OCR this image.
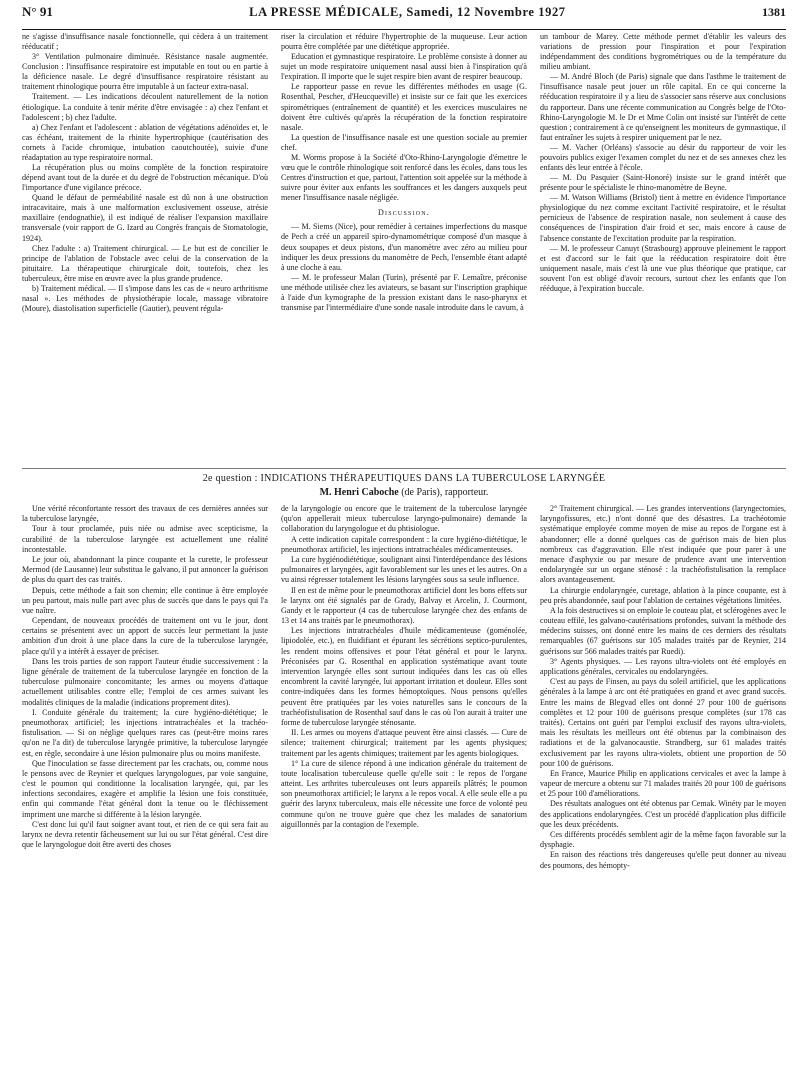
N° 91	LA PRESSE MÉDICALE, Samedi, 12 Novembre 1927	1381

ne s'agisse d'insuffisance nasale fonctionnelle, qui cèdera à un traitement rééducatif ;

3° Ventilation pulmonaire diminuée. Résistance nasale augmentée. Conclusion : l'insuffisance respiratoire est imputable en tout ou en partie à la déficience nasale. Le degré d'insuffisance respiratoire résistant au traitement rhinologique pourra être imputable à un facteur extra-nasal.

Traitement. — Les indications découlent naturellement de la notion étiologique. La conduite à tenir mérite d'être envisagée : a) chez l'enfant et l'adolescent ; b) chez l'adulte.

a) Chez l'enfant et l'adolescent : ablation de végétations adénoïdes et, le cas échéant, traitement de la rhinite hypertrophique (cautérisation des cornets à l'acide chromique, intubation caoutchoutée), suivie d'une réadaptation au type respiratoire normal.

La récupération plus ou moins complète de la fonction respiratoire dépend avant tout de la durée et du degré de l'obstruction mécanique. D'où l'importance d'une vigilance précoce.

Quand le défaut de perméabilité nasale est dû non à une obstruction intracavitaire, mais à une malformation exclusivement osseuse, atrésie maxillaire (endognathie), il est indiqué de réaliser l'expansion maxillaire transversale (voir rapport de G. Izard au Congrès français de Stomatologie, 1924).

Chez l'adulte : a) Traitement chirurgical. — Le but est de concilier le principe de l'ablation de l'obstacle avec celui de la conservation de la pituitaire. La thérapeutique chirurgicale doit, toutefois, chez les tuberculeux, être mise en œuvre avec la plus grande prudence.

b) Traitement médical. — Il s'impose dans les cas de « neuro arthritisme nasal ». Les méthodes de physiothérapie locale, massage vibratoire (Moure), diastolisation superficielle (Gautier), peuvent régula-

riser la circulation et réduire l'hypertrophie de la muqueuse. Leur action pourra être complétée par une diététique appropriée.

Education et gymnastique respiratoire. Le problème consiste à donner au sujet un mode respiratoire uniquement nasal aussi bien à l'inspiration qu'à l'expiration. Il importe que le sujet respire bien avant de respirer beaucoup.

Le rapporteur passe en revue les différentes méthodes en usage (G. Rosenthal, Pescher, d'Heucqueville) et insiste sur ce fait que les exercices spirométriques (entraînement de quantité) et les exercices musculaires ne doivent être cultivés qu'après la récupération de la fonction respiratoire nasale.

La question de l'insuffisance nasale est une question sociale au premier chef.

M. Worms propose à la Société d'Oto-Rhino-Laryngologie d'émettre le vœu que le contrôle rhinologique soit renforcé dans les écoles, dans tous les Centres d'instruction et que, partout, l'attention soit appelée sur la méthode à suivre pour éviter aux enfants les souffrances et les dangers auxquels peut mener l'insuffisance nasale négligée.

Discussion.

— M. Siems (Nice), pour remédier à certaines imperfections du masque de Pech a créé un appareil spiro-dynamométrique composé d'un masque à deux soupapes et deux pistons, d'un manomètre avec zéro au milieu pour indiquer les deux pressions du manomètre de Pech, l'ensemble étant adapté à une cloche à eau.

— M. le professeur Malan (Turin), présenté par F. Lemaître, préconise une méthode utilisée chez les aviateurs, se basant sur l'inscription graphique à l'aide d'un kymographe de la pression existant dans le naso-pharynx et transmise par l'intermédiaire d'une sonde nasale introduite dans le cavum, à

un tambour de Marey. Cette méthode permet d'établir les valeurs des variations de pression pour l'inspiration et pour l'expiration indépendamment des conditions hygrométriques ou de la température du milieu ambiant.

— M. André Bloch (de Paris) signale que dans l'asthme le traitement de l'insuffisance nasale peut jouer un rôle capital. En ce qui concerne la rééducation respiratoire il y a lieu de s'associer sans réserve aux conclusions du rapporteur. Dans une récente communication au Congrès belge de l'Oto-Rhino-Laryngologie M. le Dr et Mme Colin ont insisté sur l'intérêt de cette question ; contrairement à ce qu'enseignent les moniteurs de gymnastique, il faut entraîner les sujets à respirer uniquement par le nez.

— M. Vacher (Orléans) s'associe au désir du rapporteur de voir les pouvoirs publics exiger l'examen complet du nez et de ses annexes chez les enfants dès leur entrée à l'école.

— M. Du Pasquier (Saint-Honoré) insiste sur le grand intérêt que présente pour le spécialiste le rhino-manomètre de Beyne.

— M. Watson Williams (Bristol) tient à mettre en évidence l'importance physiologique du nez comme excitant l'activité respiratoire, et le résultat pernicieux de l'absence de respiration nasale, non seulement à cause des conséquences de l'inspiration d'air froid et sec, mais encore à cause de l'absence constante de l'excitation produite par la respiration.

— M. le professeur Canuyt (Strasbourg) approuve pleinement le rapport et est d'accord sur le fait que la rééducation respiratoire doit être uniquement nasale, mais c'est là une vue plus théorique que pratique, car souvent l'on est obligé d'avoir recours, surtout chez les enfants que l'on rééduque, à l'expiration buccale.

2e question : INDICATIONS THÉRAPEUTIQUES DANS LA TUBERCULOSE LARYNGÉE
M. Henri Caboche (de Paris), rapporteur.

Une vérité réconfortante ressort des travaux de ces dernières années sur la tuberculose laryngée,

Tour à tour proclamée, puis niée ou admise avec scepticisme, la curabilité de la tuberculose laryngée est actuellement une réalité incontestable.

Le jour où, abandonnant la pince coupante et la curette, le professeur Mermod (de Lausanne) leur substitua le galvano, il put annoncer la guérison de plus du quart des cas traités.

Depuis, cette méthode a fait son chemin; elle continue à être employée un peu partout, mais nulle part avec plus de succès que dans le pays qui l'a vue naître.

Cependant, de nouveaux procédés de traitement ont vu le jour, dont certains se présentent avec un apport de succès leur permettant la juste ambition d'un droit à une place dans la cure de la tuberculose laryngée, place qu'il y a intérêt à essayer de préciser.

Dans les trois parties de son rapport l'auteur étudie successivement : la ligne générale de traitement de la tuberculose laryngée en fonction de la tuberculose pulmonaire concomitante; les armes ou moyens d'attaque actuellement utilisables contre elle; l'emploi de ces armes suivant les modalités cliniques de la maladie (indications proprement dites).

I. Conduite générale du traitement; la cure hygiéno-diététique; le pneumothorax artificiel; les injections intratrachéales et la trachéo-fistulisation. — Si on néglige quelques rares cas (peut-être moins rares qu'on ne l'a dit) de tuberculose laryngée primitive, la tuberculose laryngée est, en règle, secondaire à une lésion pulmonaire plus ou moins manifeste.

Que l'inoculation se fasse directement par les crachats, ou, comme nous le pensons avec de Reynier et quelques laryngologues, par voie sanguine, c'est le poumon qui conditionne la localisation laryngée, qui, par les infections secondaires, exagère et amplifie la lésion une fois constituée, enfin qui commande l'état général dont la tenue ou le fléchissement impriment une marche si différente à la lésion laryngée.

C'est donc lui qu'il faut soigner avant tout, et rien de ce qui sera fait au larynx ne devra retentir fâcheusement sur lui ou sur l'état général. C'est dire que le laryngologue doit être averti des choses

de la laryngologie ou encore que le traitement de la tuberculose laryngée (qu'on appellerait mieux tuberculose laryngo-pulmonaire) demande la collaboration du laryngologue et du phtisiologue.

A cette indication capitale correspondent : la cure hygiéno-diététique, le pneumothorax artificiel, les injections intratrachéales médicamenteuses.

La cure hygiénodiététique, soulignant ainsi l'interdépendance des lésions pulmonaires et laryngées, agit favorablement sur les unes et les autres. On a vu ainsi régresser totalement les lésions laryngées sous sa seule influence.

Il en est de même pour le pneumothorax artificiel dont les bons effets sur le larynx ont été signalés par de Grady, Balvay et Arcelin, J. Courmont, Gandy et le rapporteur (4 cas de tuberculose laryngée chez des enfants de 13 et 14 ans traités par le pneumothorax).

Les injections intratrachéales d'huile médicamenteuse (goménolée, lipiodolée, etc.), en fluidifiant et épurant les sécrétions septico-purulentes, les rendent moins offensives et pour l'état général et pour le larynx. Préconisées par G. Rosenthal en application systématique avant toute intervention laryngée elles sont surtout indiquées dans les cas où elles encombrent la cavité laryngée, lui apportant irritation et douleur. Elles sont contre-indiquées dans les formes hémoptoïques. Nous pensons qu'elles peuvent être pratiquées par les voies naturelles sans le concours de la trachéofistulisation de Rosenthal sauf dans le cas où l'on aurait à traiter une forme de tuberculose laryngée sténosante.

II. Les armes ou moyens d'attaque peuvent être ainsi classés. — Cure de silence; traitement chirurgical; traitement par les agents physiques; traitement par les agents chimiques; traitement par les agents biologiques.

1° La cure de silence répond à une indication générale du traitement de toute localisation tuberculeuse quelle qu'elle soit : le repos de l'organe atteint. Les arthrites tuberculeuses ont leurs appareils plâtrés; le poumon son pneumothorax artificiel; le larynx a le repos vocal. A elle seule elle a pu guérir des larynx tuberculeux, mais elle nécessite une force de volonté peu commune qu'on ne trouve guère que chez les malades de sanatorium aiguillonnés par la contagion de l'exemple.

2° Traitement chirurgical. — Les grandes interventions (laryngectomies, laryngofissures, etc.) n'ont donné que des désastres. La trachéotomie systématique employée comme moyen de mise au repos de l'organe est à abandonner; elle a donné quelques cas de guérison mais de bien plus nombreux cas d'aggravation. Elle n'est indiquée que pour parer à une menace d'asphyxie ou par mesure de prudence avant une intervention endolaryngée sur un organe sténosé : la trachéofistulisation la remplace alors avantageusement.

La chirurgie endolaryngée, curetage, ablation à la pince coupante, est à peu près abandonnée, sauf pour l'ablation de certaines végétations limitées.

A la fois destructives si on emploie le couteau plat, et sclérogènes avec le couteau effilé, les galvano-cautérisations profondes, suivant la méthode des médecins suisses, ont donné entre les mains de ces derniers des résultats remarquables (67 guérisons sur 105 malades traités par de Reynier, 214 guérisons sur 566 malades traités par Ruedi).

3° Agents physiques. — Les rayons ultra-violets ont été employés en applications générales, cervicales ou endolaryngées.

C'est au pays de Finsen, au pays du soleil artificiel, que les applications générales à la lampe à arc ont été pratiquées en grand et avec grand succès. Entre les mains de Blegvad elles ont donné 27 pour 100 de guérisons complètes et 12 pour 100 de guérisons presque complètes (sur 178 cas traités). Certains ont guéri par l'emploi exclusif des rayons ultra-violets, mais les résultats les meilleurs ont été obtenus par la combinaison des radiations et de la galvanocaustie. Strandberg, sur 61 malades traités exclusivement par les rayons ultra-violets, obtient une proportion de 50 pour 100 de guérisons.

En France, Maurice Philip en applications cervicales et avec la lampe à vapeur de mercure a obtenu sur 71 malades traités 20 pour 100 de guérisons et 25 pour 100 d'améliorations.

Des résultats analogues ont été obtenus par Cemak. Winéty par le moyen des applications endolaryngées. C'est un procédé d'application plus difficile que les deux précédents.

Ces différents procédés semblent agir de la même façon favorable sur la dysphagie.

En raison des réactions très dangereuses qu'elle peut donner au niveau des poumons, des hémopty-
